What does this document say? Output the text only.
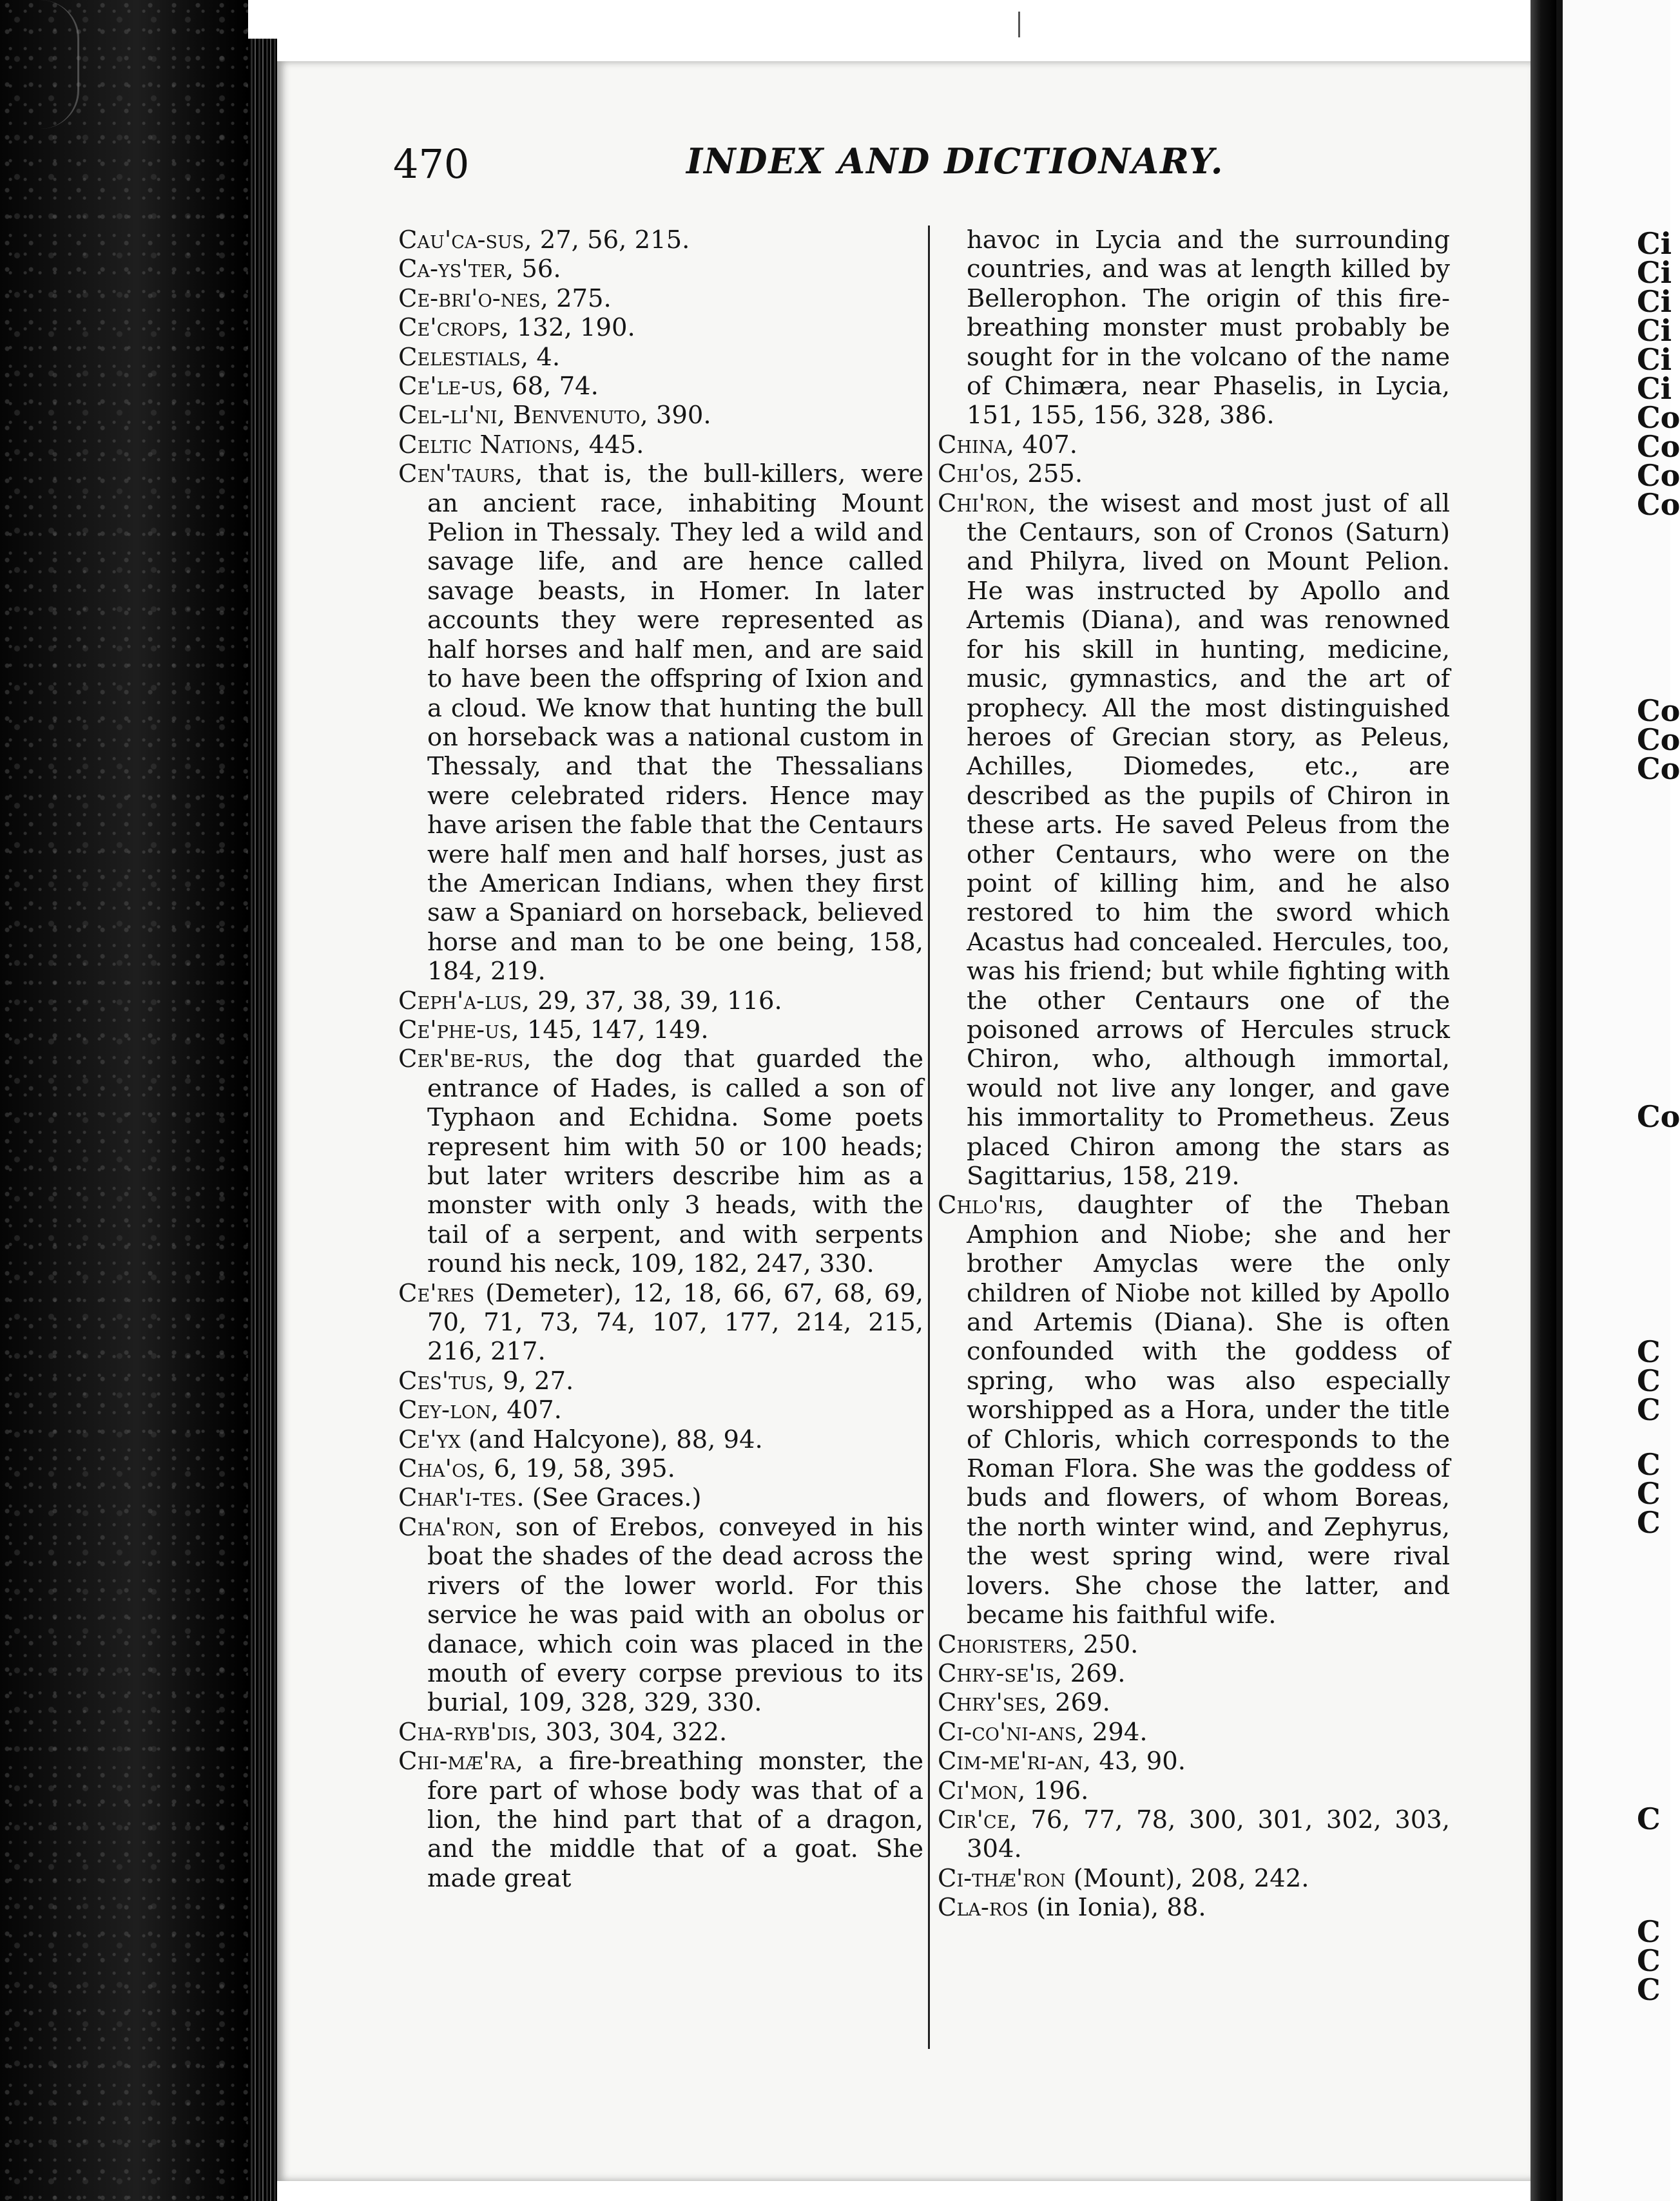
470	INDEX AND DICTIONARY.

Cau'ca-sus, 27, 56, 215.

Ca-ys'ter, 56.

Ce-bri'o-nes, 275.

Ce'crops, 132, 190.

Celestials, 4.

Ce'le-us, 68, 74.

Cel-li'ni, Benvenuto, 390.

Celtic Nations, 445.

Cen'taurs, that is, the bull-killers, were an ancient race, inhabiting Mount Pelion in Thessaly. They led a wild and savage life, and are hence called savage beasts, in Homer. In later accounts they were represented as half horses and half men, and are said to have been the offspring of Ixion and a cloud. We know that hunting the bull on horseback was a national custom in Thessaly, and that the Thessalians were celebrated riders. Hence may have arisen the fable that the Centaurs were half men and half horses, just as the American Indians, when they first saw a Spaniard on horseback, believed horse and man to be one being, 158, 184, 219.

Ceph'a-lus, 29, 37, 38, 39, 116.

Ce'phe-us, 145, 147, 149.

Cer'be-rus, the dog that guarded the entrance of Hades, is called a son of Typhaon and Echidna. Some poets represent him with 50 or 100 heads; but later writers describe him as a monster with only 3 heads, with the tail of a serpent, and with serpents round his neck, 109, 182, 247, 330.

Ce'res (Demeter), 12, 18, 66, 67, 68, 69, 70, 71, 73, 74, 107, 177, 214, 215, 216, 217.

Ces'tus, 9, 27.

Cey-lon, 407.

Ce'yx (and Halcyone), 88, 94.

Cha'os, 6, 19, 58, 395.

Char'i-tes. (See Graces.)

Cha'ron, son of Erebos, conveyed in his boat the shades of the dead across the rivers of the lower world. For this service he was paid with an obolus or danace, which coin was placed in the mouth of every corpse previous to its burial, 109, 328, 329, 330.

Cha-ryb'dis, 303, 304, 322.

Chi-mæ'ra, a fire-breathing monster, the fore part of whose body was that of a lion, the hind part that of a dragon, and the middle that of a goat. She made great

havoc in Lycia and the surrounding countries, and was at length killed by Bellerophon. The origin of this fire-breathing monster must probably be sought for in the volcano of the name of Chimæra, near Phaselis, in Lycia, 151, 155, 156, 328, 386.

China, 407.

Chi'os, 255.

Chi'ron, the wisest and most just of all the Centaurs, son of Cronos (Saturn) and Philyra, lived on Mount Pelion. He was instructed by Apollo and Artemis (Diana), and was renowned for his skill in hunting, medicine, music, gymnastics, and the art of prophecy. All the most distinguished heroes of Grecian story, as Peleus, Achilles, Diomedes, etc., are described as the pupils of Chiron in these arts. He saved Peleus from the other Centaurs, who were on the point of killing him, and he also restored to him the sword which Acastus had concealed. Hercules, too, was his friend; but while fighting with the other Centaurs one of the poisoned arrows of Hercules struck Chiron, who, although immortal, would not live any longer, and gave his immortality to Prometheus. Zeus placed Chiron among the stars as Sagittarius, 158, 219.

Chlo'ris, daughter of the Theban Amphion and Niobe; she and her brother Amyclas were the only children of Niobe not killed by Apollo and Artemis (Diana). She is often confounded with the goddess of spring, who was also especially worshipped as a Hora, under the title of Chloris, which corresponds to the Roman Flora. She was the goddess of buds and flowers, of whom Boreas, the north winter wind, and Zephyrus, the west spring wind, were rival lovers. She chose the latter, and became his faithful wife.

Choristers, 250.

Chry-se'is, 269.

Chry'ses, 269.

Ci-co'ni-ans, 294.

Cim-me'ri-an, 43, 90.

Ci'mon, 196.

Cir'ce, 76, 77, 78, 300, 301, 302, 303, 304.

Ci-thæ'ron (Mount), 208, 242.

Cla-ros (in Ionia), 88.

Ci
Ci
Ci
Ci
Ci
Ci
Co
Co
Co
Co
Co
Co
Co
Co
C
C
C
C
C
C
C
C
C
C
